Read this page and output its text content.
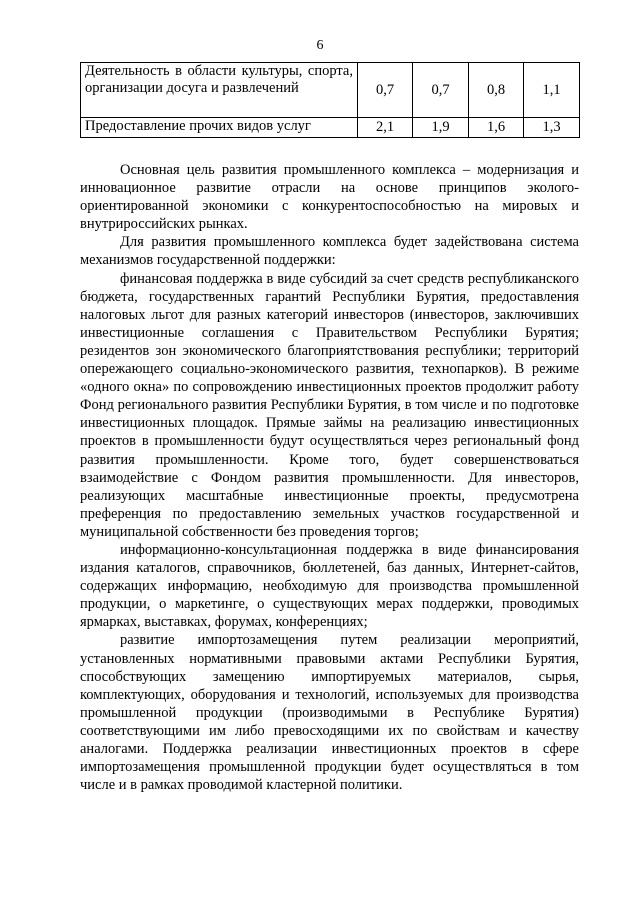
6
Деятельность в области культуры, спорта, организации досуга и развлечений	0,7	0,7	0,8	1,1
Предоставление прочих видов услуг	2,1	1,9	1,6	1,3

Основная цель развития промышленного комплекса – модернизация и инновационное развитие отрасли на основе принципов эколого-ориентированной экономики с конкурентоспособностью на мировых и внутрироссийских рынках.

Для развития промышленного комплекса будет задействована система механизмов государственной поддержки:

финансовая поддержка в виде субсидий за счет средств республиканского бюджета, государственных гарантий Республики Бурятия, предоставления налоговых льгот для разных категорий инвесторов (инвесторов, заключивших инвестиционные соглашения с Правительством Республики Бурятия; резидентов зон экономического благоприятствования республики; территорий опережающего социально-экономического развития, технопарков). В режиме «одного окна» по сопровождению инвестиционных проектов продолжит работу Фонд регионального развития Республики Бурятия, в том числе и по подготовке инвестиционных площадок. Прямые займы на реализацию инвестиционных проектов в промышленности будут осуществляться через региональный фонд развития промышленности. Кроме того, будет совершенствоваться взаимодействие с Фондом развития промышленности. Для инвесторов, реализующих масштабные инвестиционные проекты, предусмотрена преференция по предоставлению земельных участков государственной и муниципальной собственности без проведения торгов;

информационно-консультационная поддержка в виде финансирования издания каталогов, справочников, бюллетеней, баз данных, Интернет-сайтов, содержащих информацию, необходимую для производства промышленной продукции, о маркетинге, о существующих мерах поддержки, проводимых ярмарках, выставках, форумах, конференциях;

развитие импортозамещения путем реализации мероприятий, установленных нормативными правовыми актами Республики Бурятия, способствующих замещению импортируемых материалов, сырья, комплектующих, оборудования и технологий, используемых для производства промышленной продукции (производимыми в Республике Бурятия) соответствующими им либо превосходящими их по свойствам и качеству аналогами. Поддержка реализации инвестиционных проектов в сфере импортозамещения промышленной продукции будет осуществляться в том числе и в рамках проводимой кластерной политики.
